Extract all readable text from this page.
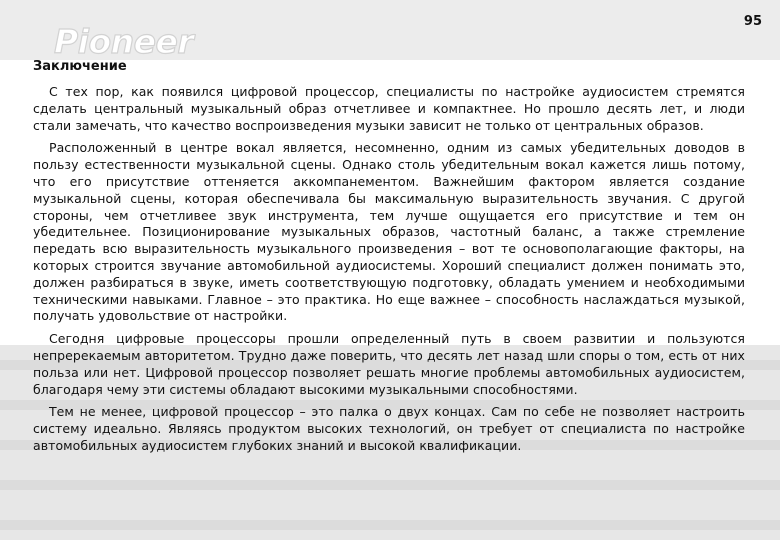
Pioneer
95
Заключение

С тех пор, как появился цифровой процессор, специалисты по настройке аудиосистем стремятся сделать центральный музыкальный образ отчетливее и компактнее. Но прошло десять лет, и люди стали замечать, что качество воспроизведения музыки зависит не только от центральных образов.

Расположенный в центре вокал является, несомненно, одним из самых убедительных доводов в пользу естественности музыкальной сцены. Однако столь убедительным вокал кажется лишь потому, что его присутствие оттеняется аккомпанементом. Важнейшим фактором является создание музыкальной сцены, которая обеспечивала бы максимальную выразительность звучания. С другой стороны, чем отчетливее звук инструмента, тем лучше ощущается его присутствие и тем он убедительнее. Позиционирование музыкальных образов, частотный баланс, а также стремление передать всю выразительность музыкального произведения – вот те основополагающие факторы, на которых строится звучание автомобильной аудиосистемы. Хороший специалист должен понимать это, должен разбираться в звуке, иметь соответствующую подготовку, обладать умением и необходимыми техническими навыками. Главное – это практика. Но еще важнее – способность наслаждаться музыкой, получать удовольствие от настройки.

Сегодня цифровые процессоры прошли определенный путь в своем развитии и пользуются непререкаемым авторитетом. Трудно даже поверить, что десять лет назад шли споры о том, есть от них польза или нет. Цифровой процессор позволяет решать многие проблемы автомобильных аудиосистем, благодаря чему эти системы обладают высокими музыкальными способностями.

Тем не менее, цифровой процессор – это палка о двух концах. Сам по себе не позволяет настроить систему идеально. Являясь продуктом высоких технологий, он требует от специалиста по настройке автомобильных аудиосистем глубоких знаний и высокой квалификации.
